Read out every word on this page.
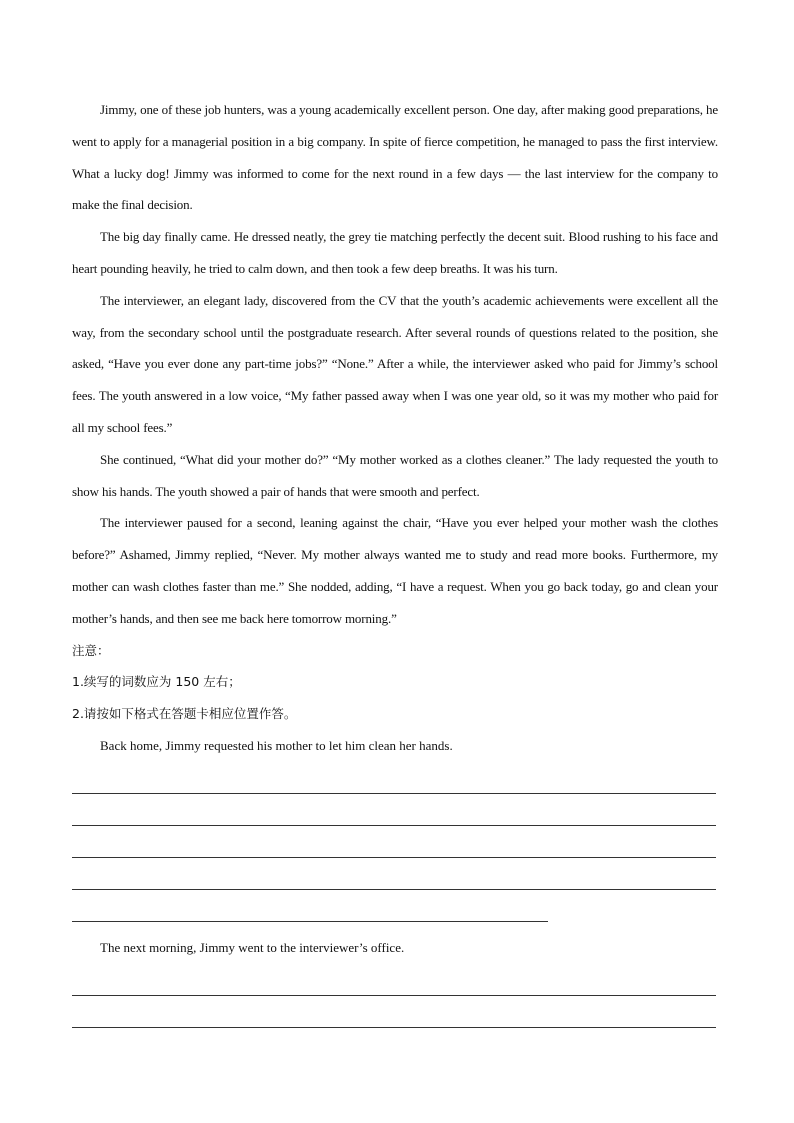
Jimmy, one of these job hunters, was a young academically excellent person. One day, after making good preparations, he went to apply for a managerial position in a big company. In spite of fierce competition, he managed to pass the first interview. What a lucky dog! Jimmy was informed to come for the next round in a few days — the last interview for the company to make the final decision.

The big day finally came. He dressed neatly, the grey tie matching perfectly the decent suit. Blood rushing to his face and heart pounding heavily, he tried to calm down, and then took a few deep breaths. It was his turn.

The interviewer, an elegant lady, discovered from the CV that the youth’s academic achievements were excellent all the way, from the secondary school until the postgraduate research. After several rounds of questions related to the position, she asked, “Have you ever done any part-time jobs?” “None.” After a while, the interviewer asked who paid for Jimmy’s school fees. The youth answered in a low voice, “My father passed away when I was one year old, so it was my mother who paid for all my school fees.”

She continued, “What did your mother do?” “My mother worked as a clothes cleaner.” The lady requested the youth to show his hands. The youth showed a pair of hands that were smooth and perfect.

The interviewer paused for a second, leaning against the chair, “Have you ever helped your mother wash the clothes before?” Ashamed, Jimmy replied, “Never. My mother always wanted me to study and read more books. Furthermore, my mother can wash clothes faster than me.” She nodded, adding, “I have a request. When you go back today, go and clean your mother’s hands, and then see me back here tomorrow morning.”

注意：

1.续写的词数应为 150 左右；

2.请按如下格式在答题卡相应位置作答。

Back home, Jimmy requested his mother to let him clean her hands.

The next morning, Jimmy went to the interviewer’s office.
